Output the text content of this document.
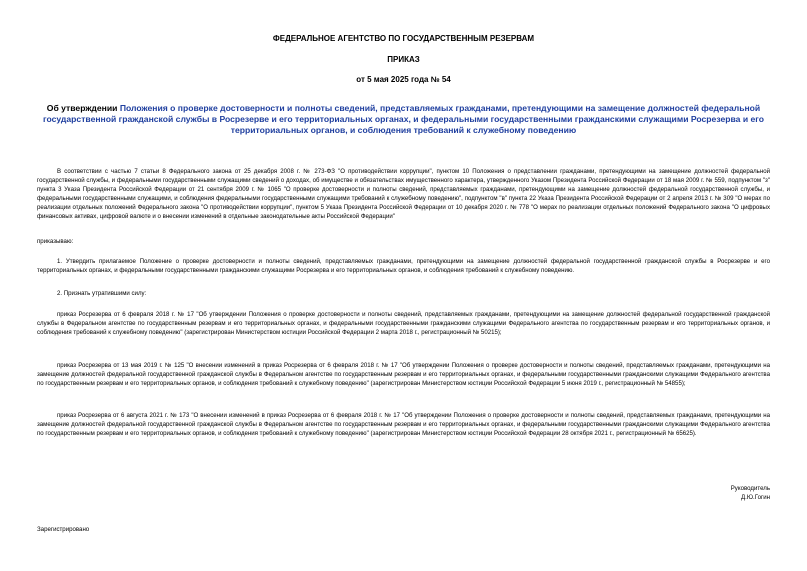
ФЕДЕРАЛЬНОЕ АГЕНТСТВО ПО ГОСУДАРСТВЕННЫМ РЕЗЕРВАМ
ПРИКАЗ
от 5 мая 2025 года № 54
Об утверждении Положения о проверке достоверности и полноты сведений, представляемых гражданами, претендующими на замещение должностей федеральной государственной гражданской службы в Росрезерве и его территориальных органах, и федеральными государственными гражданскими служащими Росрезерва и его территориальных органов, и соблюдения требований к служебному поведению

В соответствии с частью 7 статьи 8 Федерального закона от 25 декабря 2008 г. № 273-ФЗ "О противодействии коррупции", пунктом 10 Положения о представлении гражданами, претендующими на замещение должностей федеральной государственной службы, и федеральными государственными служащими сведений о доходах, об имуществе и обязательствах имущественного характера, утвержденного Указом Президента Российской Федерации от 18 мая 2009 г. № 559, подпунктом "з" пункта 3 Указа Президента Российской Федерации от 21 сентября 2009 г. № 1065 "О проверке достоверности и полноты сведений, представляемых гражданами, претендующими на замещение должностей федеральной государственной службы, и федеральными государственными служащими, и соблюдения федеральными государственными служащими требований к служебному поведению", подпунктом "в" пункта 22 Указа Президента Российской Федерации от 2 апреля 2013 г. № 309 "О мерах по реализации отдельных положений Федерального закона "О противодействии коррупции", пунктом 5 Указа Президента Российской Федерации от 10 декабря 2020 г. № 778 "О мерах по реализации отдельных положений Федерального закона "О цифровых финансовых активах, цифровой валюте и о внесении изменений в отдельные законодательные акты Российской Федерации"

приказываю:

1. Утвердить прилагаемое Положение о проверке достоверности и полноты сведений, представляемых гражданами, претендующими на замещение должностей федеральной государственной гражданской службы в Росрезерве и его территориальных органах, и федеральными государственными гражданскими служащими Росрезерва и его территориальных органов, и соблюдения требований к служебному поведению.

2. Признать утратившими силу:

приказ Росрезерва от 6 февраля 2018 г. № 17 "Об утверждении Положения о проверке достоверности и полноты сведений, представляемых гражданами, претендующими на замещение должностей федеральной государственной гражданской службы в Федеральном агентстве по государственным резервам и его территориальных органах, и федеральными государственными гражданскими служащими Федерального агентства по государственным резервам и его территориальных органов, и соблюдения требований к служебному поведению" (зарегистрирован Министерством юстиции Российской Федерации 2 марта 2018 г., регистрационный № 50215);

приказ Росрезерва от 13 мая 2019 г. № 125 "О внесении изменений в приказ Росрезерва от 6 февраля 2018 г. № 17 "Об утверждении Положения о проверке достоверности и полноты сведений, представляемых гражданами, претендующими на замещение должностей федеральной государственной гражданской службы в Федеральном агентстве по государственным резервам и его территориальных органах, и федеральными государственными гражданскими служащими Федерального агентства по государственным резервам и его территориальных органов, и соблюдения требований к служебному поведению" (зарегистрирован Министерством юстиции Российской Федерации 5 июня 2019 г., регистрационный № 54855);

приказ Росрезерва от 6 августа 2021 г. № 173 "О внесении изменений в приказ Росрезерва от 6 февраля 2018 г. № 17 "Об утверждении Положения о проверке достоверности и полноты сведений, представляемых гражданами, претендующими на замещение должностей федеральной государственной гражданской службы в Федеральном агентстве по государственным резервам и его территориальных органах, и федеральными государственными гражданскими служащими Федерального агентства по государственным резервам и его территориальных органов, и соблюдения требований к служебному поведению" (зарегистрирован Министерством юстиции Российской Федерации 28 октября 2021 г., регистрационный № 65625).

Руководитель
Д.Ю.Гогин
Зарегистрировано
